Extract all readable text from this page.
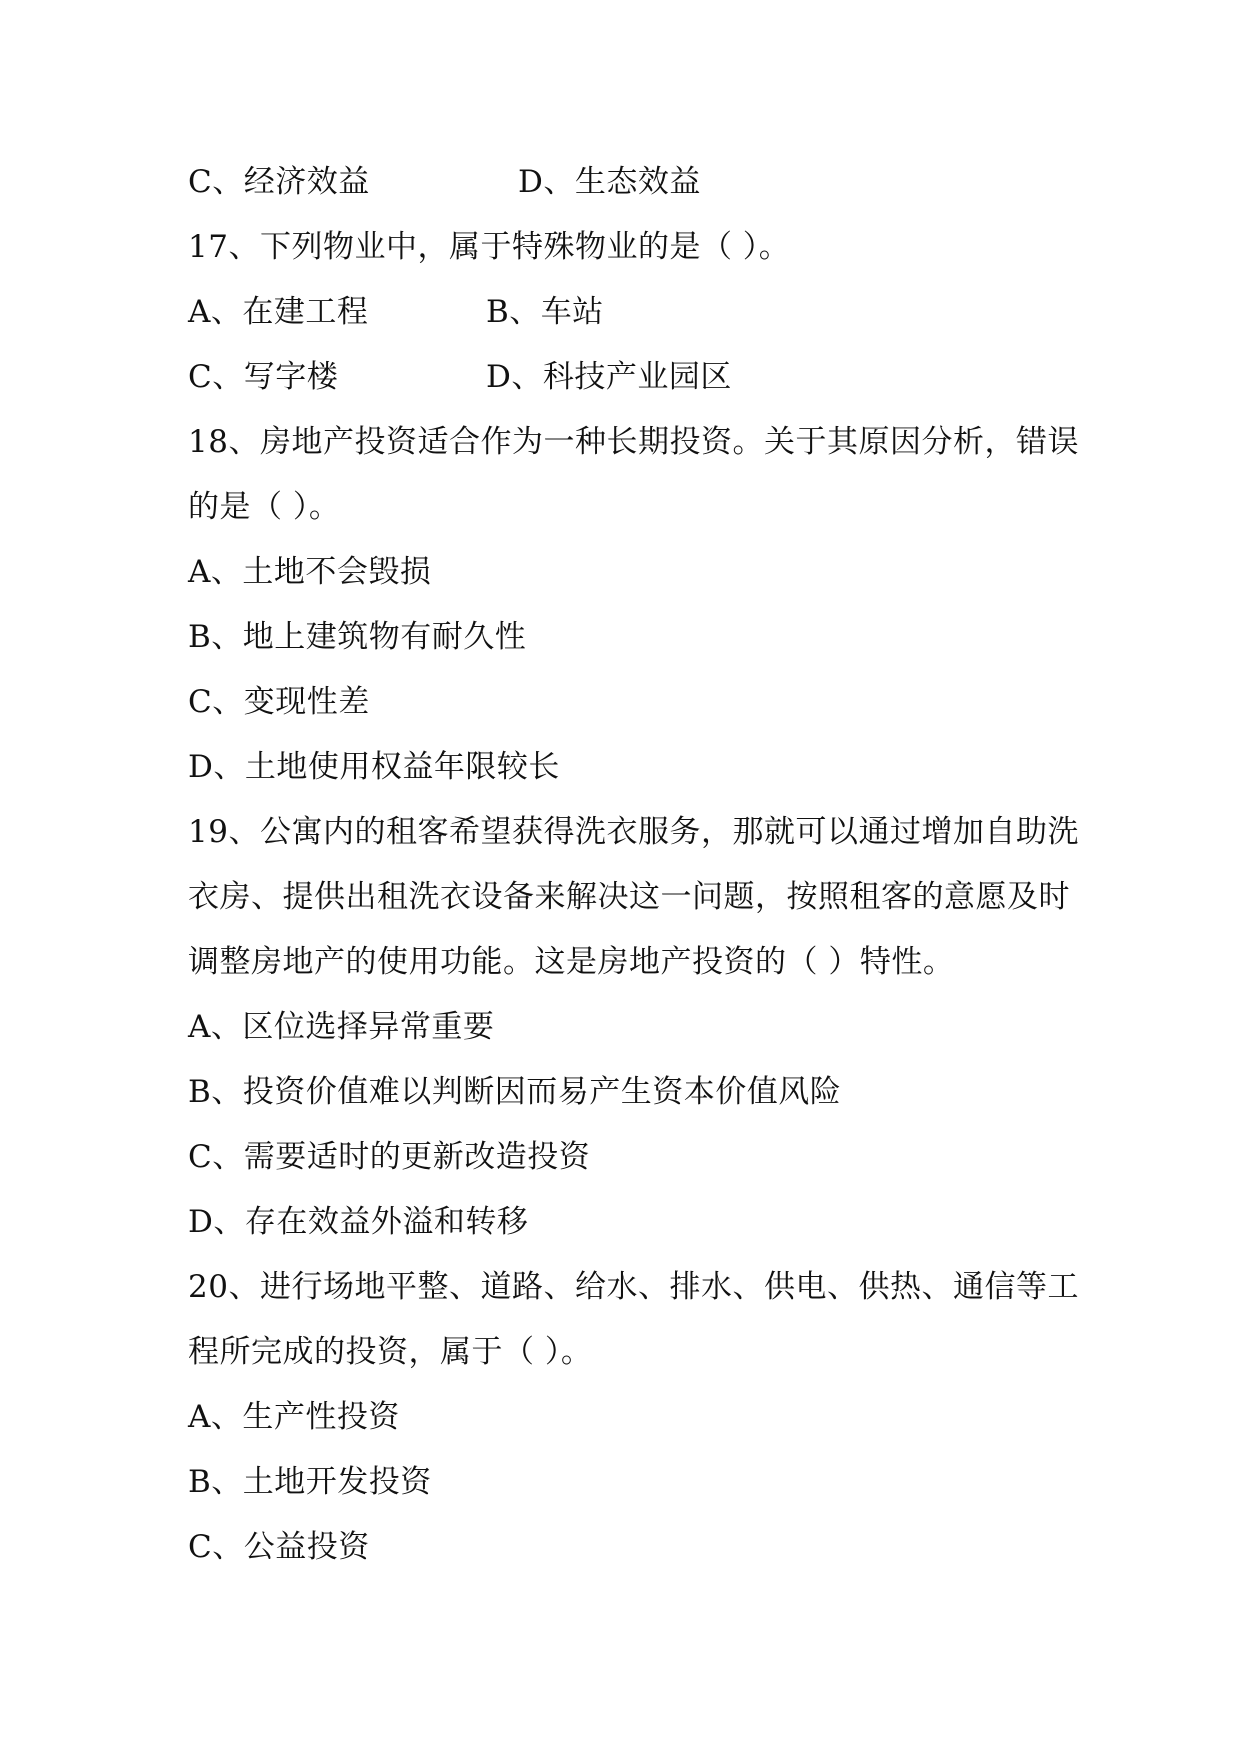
C、经济效益	D、生态效益
17、下列物业中，属于特殊物业的是（ ）。
A、在建工程	B、车站
C、写字楼	D、科技产业园区
18、房地产投资适合作为一种长期投资。关于其原因分析，错误
的是（ ）。
A、土地不会毁损
B、地上建筑物有耐久性
C、变现性差
D、土地使用权益年限较长
19、公寓内的租客希望获得洗衣服务，那就可以通过增加自助洗
衣房、提供出租洗衣设备来解决这一问题，按照租客的意愿及时
调整房地产的使用功能。这是房地产投资的（ ）特性。
A、区位选择异常重要
B、投资价值难以判断因而易产生资本价值风险
C、需要适时的更新改造投资
D、存在效益外溢和转移
20、进行场地平整、道路、给水、排水、供电、供热、通信等工
程所完成的投资，属于（ ）。
A、生产性投资
B、土地开发投资
C、公益投资
